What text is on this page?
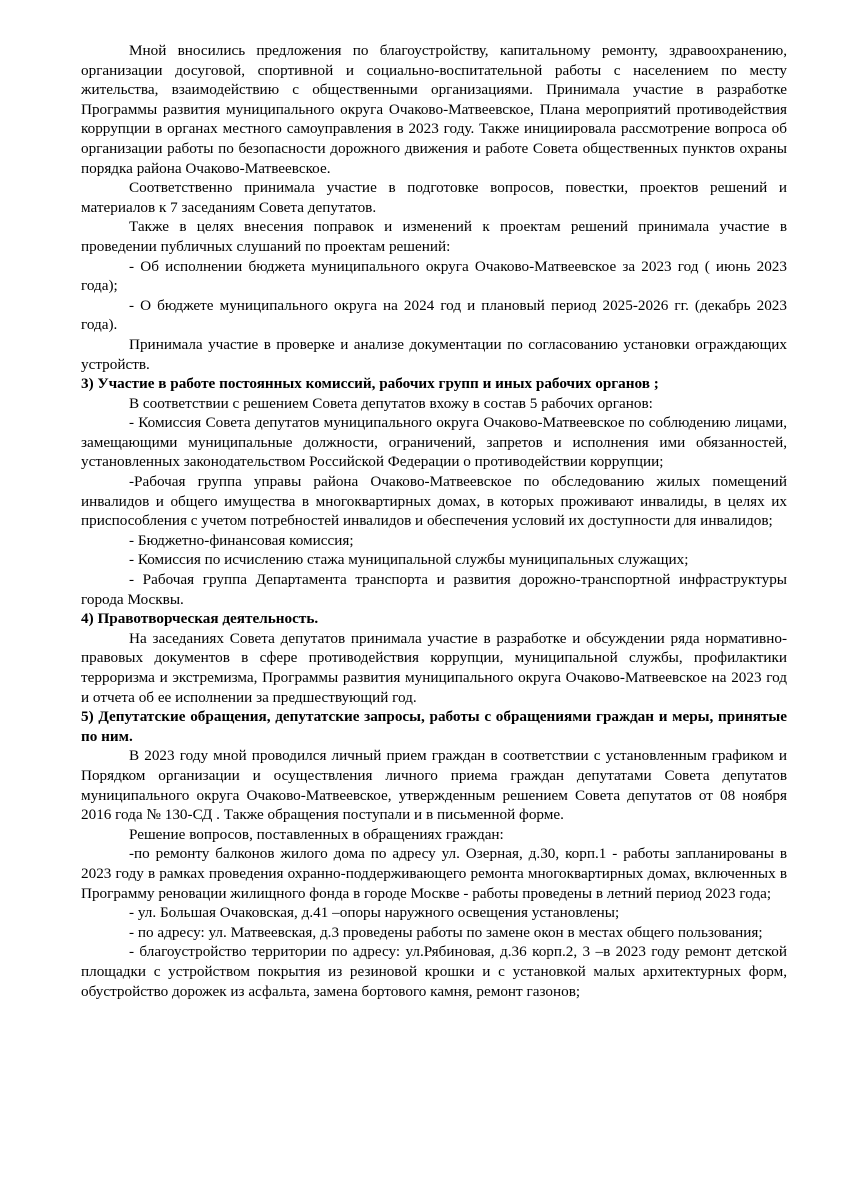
Мной вносились предложения по благоустройству, капитальному ремонту, здравоохранению, организации досуговой, спортивной и социально-воспитательной работы с населением по месту жительства, взаимодействию с общественными организациями. Принимала участие в разработке Программы развития муниципального округа Очаково-Матвеевское, Плана мероприятий противодействия коррупции в органах местного самоуправления в 2023 году. Также инициировала рассмотрение вопроса об организации работы по безопасности дорожного движения и работе Совета общественных пунктов охраны порядка района Очаково-Матвеевское.

Соответственно принимала участие в подготовке вопросов, повестки, проектов решений и материалов к 7 заседаниям Совета депутатов.

Также в целях внесения поправок и изменений к проектам решений принимала участие в проведении публичных слушаний по проектам решений:

- Об исполнении бюджета муниципального округа Очаково-Матвеевское за 2023 год ( июнь 2023 года);

- О бюджете муниципального округа на 2024 год и плановый период 2025-2026 гг. (декабрь 2023 года).

Принимала участие в проверке и анализе документации по согласованию установки ограждающих устройств.

3) Участие в работе постоянных комиссий, рабочих групп и иных рабочих органов ;

В соответствии с решением Совета депутатов вхожу в состав 5 рабочих органов:

- Комиссия Совета депутатов муниципального округа Очаково-Матвеевское по соблюдению лицами, замещающими муниципальные должности, ограничений, запретов и исполнения ими обязанностей, установленных законодательством Российской Федерации о противодействии коррупции;

-Рабочая группа управы района Очаково-Матвеевское по обследованию жилых помещений инвалидов и общего имущества в многоквартирных домах, в которых проживают инвалиды, в целях их приспособления с учетом потребностей инвалидов и обеспечения условий их доступности для инвалидов;

- Бюджетно-финансовая комиссия;

- Комиссия по исчислению стажа муниципальной службы муниципальных служащих;

- Рабочая группа Департамента транспорта и развития дорожно-транспортной инфраструктуры города Москвы.

4) Правотворческая деятельность.

На заседаниях Совета депутатов принимала участие в разработке и обсуждении ряда нормативно-правовых документов в сфере противодействия коррупции, муниципальной службы, профилактики терроризма и экстремизма, Программы развития муниципального округа Очаково-Матвеевское на 2023 год и отчета об ее исполнении за предшествующий год.

5) Депутатские обращения, депутатские запросы, работы с обращениями граждан и меры, принятые по ним.

В 2023 году мной проводился личный прием граждан в соответствии с установленным графиком и Порядком организации и осуществления личного приема граждан депутатами Совета депутатов муниципального округа Очаково-Матвеевское, утвержденным решением Совета депутатов от 08 ноября 2016 года № 130-СД . Также обращения поступали и в письменной форме.

Решение вопросов, поставленных в обращениях граждан:

-по ремонту балконов жилого дома по адресу ул. Озерная, д.30, корп.1 - работы запланированы в 2023 году в рамках проведения охранно-поддерживающего ремонта многоквартирных домах, включенных в Программу реновации жилищного фонда в городе Москве - работы проведены в летний период 2023 года;

- ул. Большая Очаковская, д.41 –опоры наружного освещения установлены;

- по адресу: ул. Матвеевская, д.3 проведены работы по замене окон в местах общего пользования;

- благоустройство территории по адресу: ул.Рябиновая, д.36 корп.2, 3 –в 2023 году ремонт детской площадки с устройством покрытия из резиновой крошки и с установкой малых архитектурных форм, обустройство дорожек из асфальта, замена бортового камня, ремонт газонов;
